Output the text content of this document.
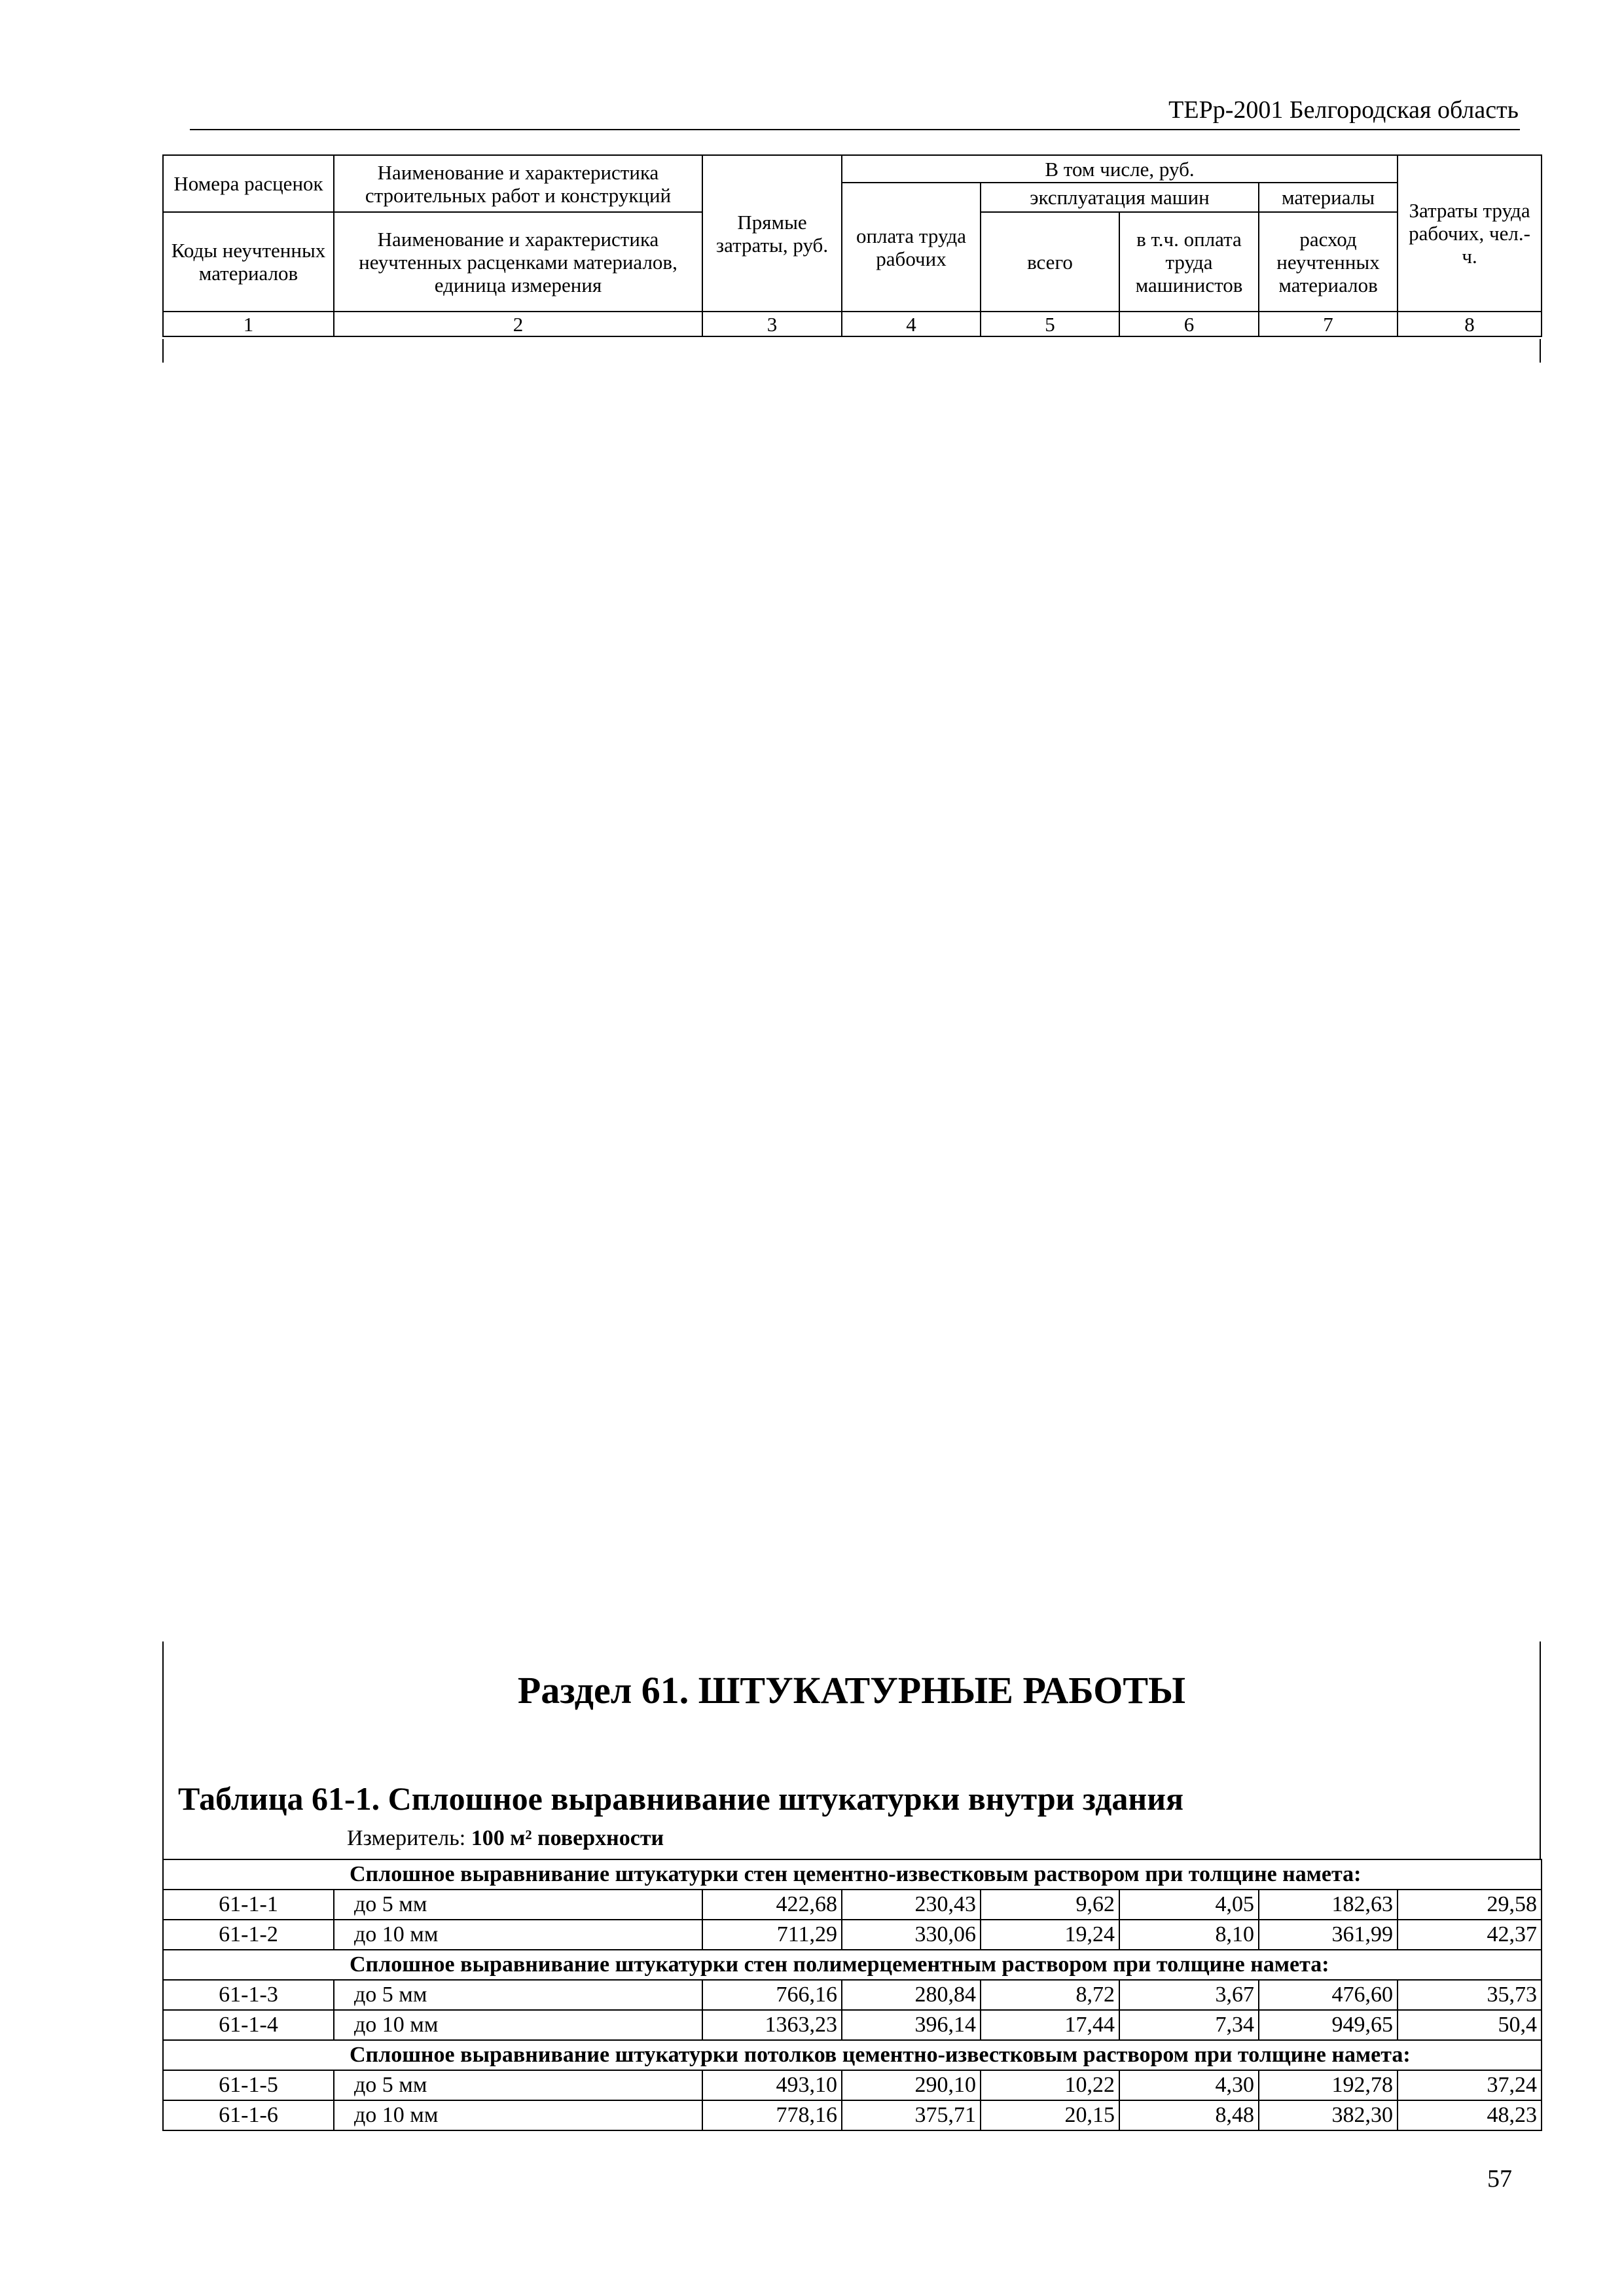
ТЕРр-2001 Белгородская область
Номера расценок	Наименование и характеристика строительных работ и конструкций	Прямые затраты, руб.	В том числе, руб.				Затраты труда рабочих, чел.-ч.
			оплата труда рабочих	эксплуатация машин		материалы	
Коды неучтенных материалов	Наименование и характеристика неучтенных расценками материалов, единица измерения			всего	в т.ч. оплата труда машинистов	расход неучтенных материалов	

1	2	3	4	5	6	7	8
Раздел 61. ШТУКАТУРНЫЕ РАБОТЫ
Таблица 61-1. Сплошное выравнивание штукатурки внутри здания
Измеритель: 100 м² поверхности
	Сплошное выравнивание штукатурки стен цементно-известковым раствором при толщине намета:						
61-1-1	до 5 мм	422,68	230,43	9,62	4,05	182,63	29,58
61-1-2	до 10 мм	711,29	330,06	19,24	8,10	361,99	42,37
	Сплошное выравнивание штукатурки стен полимерцементным раствором при толщине намета:						
61-1-3	до 5 мм	766,16	280,84	8,72	3,67	476,60	35,73
61-1-4	до 10 мм	1363,23	396,14	17,44	7,34	949,65	50,4
	Сплошное выравнивание штукатурки потолков цементно-известковым раствором при толщине намета:						
61-1-5	до 5 мм	493,10	290,10	10,22	4,30	192,78	37,24
61-1-6	до 10 мм	778,16	375,71	20,15	8,48	382,30	48,23
57
